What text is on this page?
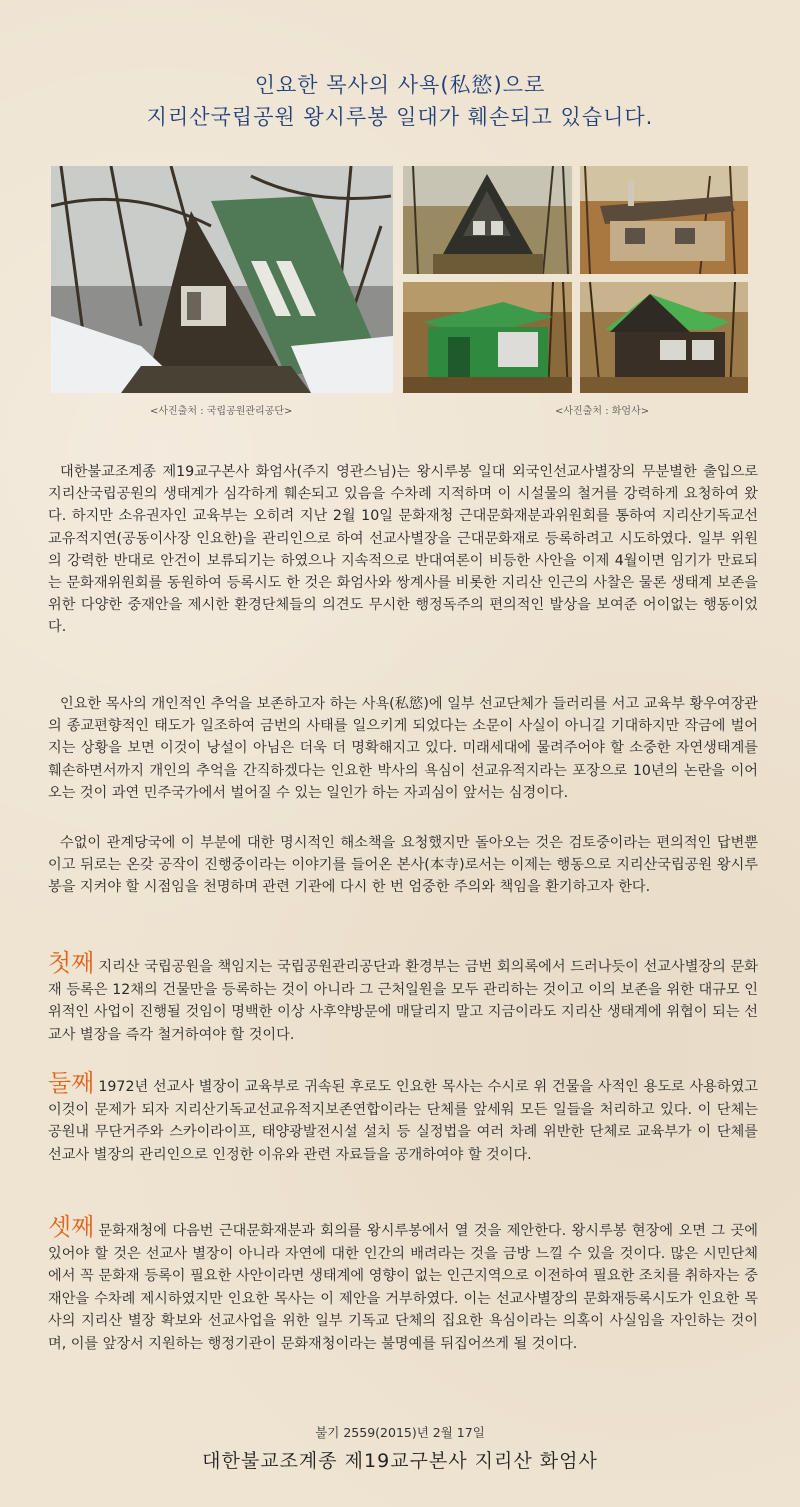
인요한 목사의 사욕(私慾)으로
지리산국립공원 왕시루봉 일대가 훼손되고 있습니다.
<사진출처 : 국립공원관리공단>	<사진출처 : 화엄사>
대한불교조계종 제19교구본사 화엄사(주지 영관스님)는 왕시루봉 일대 외국인선교사별장의 무분별한 출입으로 지리산국립공원의 생태계가 심각하게 훼손되고 있음을 수차례 지적하며 이 시설물의 철거를 강력하게 요청하여 왔다. 하지만 소유권자인 교육부는 오히려 지난 2월 10일 문화재청 근대문화재분과위원회를 통하여 지리산기독교선교유적지연(공동이사장 인요한)을 관리인으로 하여 선교사별장을 근대문화재로 등록하려고 시도하였다. 일부 위원의 강력한 반대로 안건이 보류되기는 하였으나 지속적으로 반대여론이 비등한 사안을 이제 4월이면 임기가 만료되는 문화재위원회를 동원하여 등록시도 한 것은 화엄사와 쌍계사를 비롯한 지리산 인근의 사찰은 물론 생태계 보존을 위한 다양한 중재안을 제시한 환경단체들의 의견도 무시한 행정독주의 편의적인 발상을 보여준 어이없는 행동이었다.
인요한 목사의 개인적인 추억을 보존하고자 하는 사욕(私慾)에 일부 선교단체가 들러리를 서고 교육부 황우여장관의 종교편향적인 태도가 일조하여 금번의 사태를 일으키게 되었다는 소문이 사실이 아니길 기대하지만 작금에 벌어지는 상황을 보면 이것이 낭설이 아님은 더욱 더 명확해지고 있다. 미래세대에 물려주어야 할 소중한 자연생태계를 훼손하면서까지 개인의 추억을 간직하겠다는 인요한 박사의 욕심이 선교유적지라는 포장으로 10년의 논란을 이어오는 것이 과연 민주국가에서 벌어질 수 있는 일인가 하는 자괴심이 앞서는 심경이다.
수없이 관계당국에 이 부분에 대한 명시적인 해소책을 요청했지만 돌아오는 것은 검토중이라는 편의적인 답변뿐이고 뒤로는 온갖 공작이 진행중이라는 이야기를 들어온 본사(本寺)로서는 이제는 행동으로 지리산국립공원 왕시루봉을 지켜야 할 시점임을 천명하며 관련 기관에 다시 한 번 엄중한 주의와 책임을 환기하고자 한다.
첫째 지리산 국립공원을 책임지는 국립공원관리공단과 환경부는 금번 회의록에서 드러나듯이 선교사별장의 문화재 등록은 12채의 건물만을 등록하는 것이 아니라 그 근처일원을 모두 관리하는 것이고 이의 보존을 위한 대규모 인위적인 사업이 진행될 것임이 명백한 이상 사후약방문에 매달리지 말고 지금이라도 지리산 생태계에 위협이 되는 선교사 별장을 즉각 철거하여야 할 것이다.
둘째 1972년 선교사 별장이 교육부로 귀속된 후로도 인요한 목사는 수시로 위 건물을 사적인 용도로 사용하였고 이것이 문제가 되자 지리산기독교선교유적지보존연합이라는 단체를 앞세워 모든 일들을 처리하고 있다. 이 단체는 공원내 무단거주와 스카이라이프, 태양광발전시설 설치 등 실정법을 여러 차례 위반한 단체로 교육부가 이 단체를 선교사 별장의 관리인으로 인정한 이유와 관련 자료들을 공개하여야 할 것이다.
셋째 문화재청에 다음번 근대문화재분과 회의를 왕시루봉에서 열 것을 제안한다. 왕시루봉 현장에 오면 그 곳에 있어야 할 것은 선교사 별장이 아니라 자연에 대한 인간의 배려라는 것을 금방 느낄 수 있을 것이다. 많은 시민단체에서 꼭 문화재 등록이 필요한 사안이라면 생태계에 영향이 없는 인근지역으로 이전하여 필요한 조치를 취하자는 중재안을 수차례 제시하였지만 인요한 목사는 이 제안을 거부하였다. 이는 선교사별장의 문화재등록시도가 인요한 목사의 지리산 별장 확보와 선교사업을 위한 일부 기독교 단체의 집요한 욕심이라는 의혹이 사실임을 자인하는 것이며, 이를 앞장서 지원하는 행정기관이 문화재청이라는 불명예를 뒤집어쓰게 될 것이다.
불기 2559(2015)년 2월 17일
대한불교조계종 제19교구본사 지리산 화엄사
